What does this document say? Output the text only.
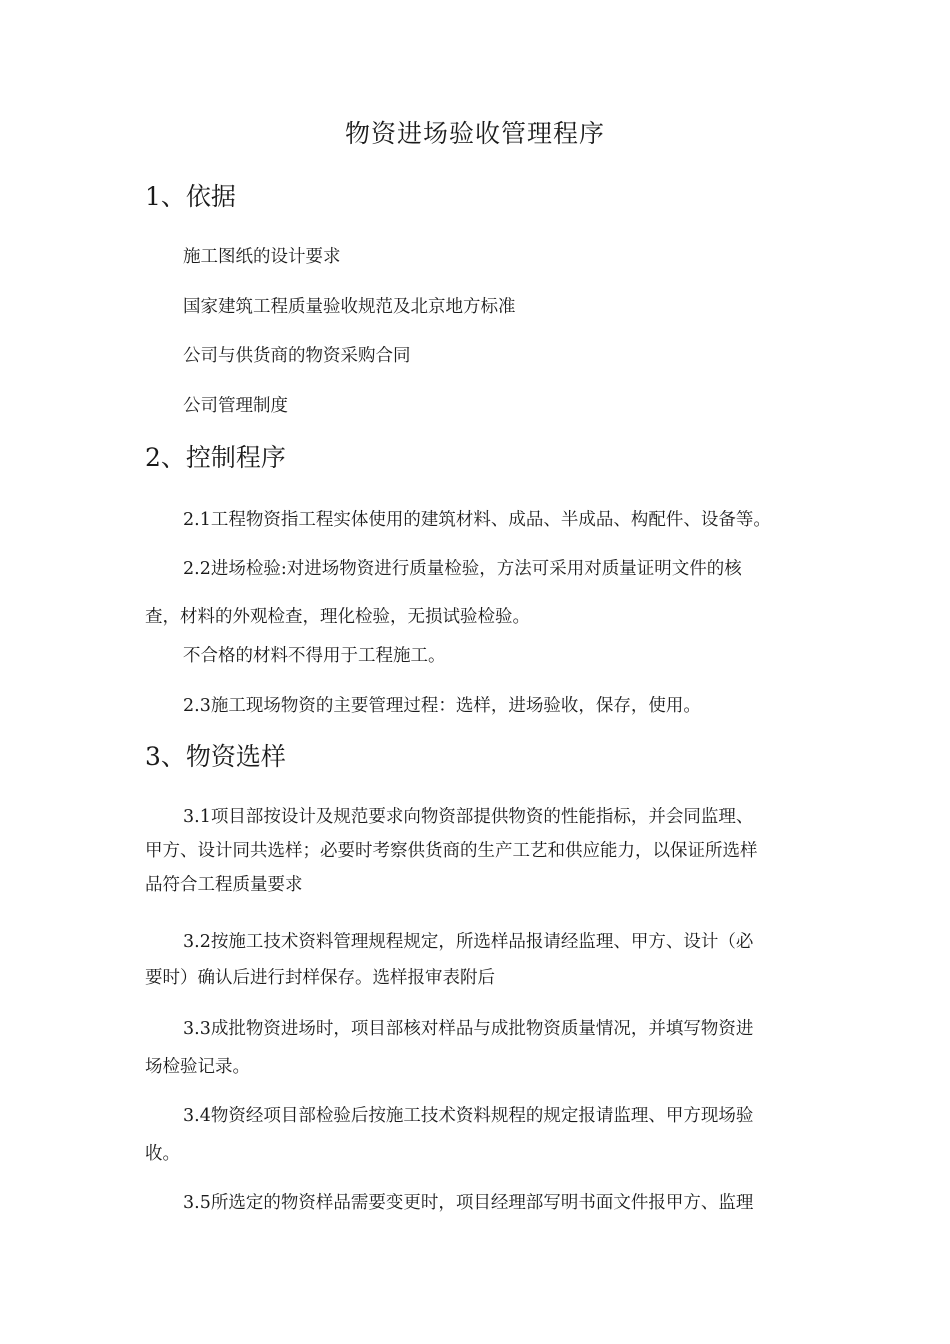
物资进场验收管理程序
1、依据
施工图纸的设计要求
国家建筑工程质量验收规范及北京地方标准
公司与供货商的物资采购合同
公司管理制度
2、控制程序
2.1工程物资指工程实体使用的建筑材料、成品、半成品、构配件、设备等。
2.2进场检验:对进场物资进行质量检验，方法可采用对质量证明文件的核
查，材料的外观检查，理化检验，无损试验检验。
不合格的材料不得用于工程施工。
2.3施工现场物资的主要管理过程：选样，进场验收，保存，使用。
3、物资选样
3.1项目部按设计及规范要求向物资部提供物资的性能指标，并会同监理、
甲方、设计同共选样；必要时考察供货商的生产工艺和供应能力，以保证所选样
品符合工程质量要求
3.2按施工技术资料管理规程规定，所选样品报请经监理、甲方、设计（必
要时）确认后进行封样保存。选样报审表附后
3.3成批物资进场时，项目部核对样品与成批物资质量情况，并填写物资进
场检验记录。
3.4物资经项目部检验后按施工技术资料规程的规定报请监理、甲方现场验
收。
3.5所选定的物资样品需要变更时，项目经理部写明书面文件报甲方、监理
